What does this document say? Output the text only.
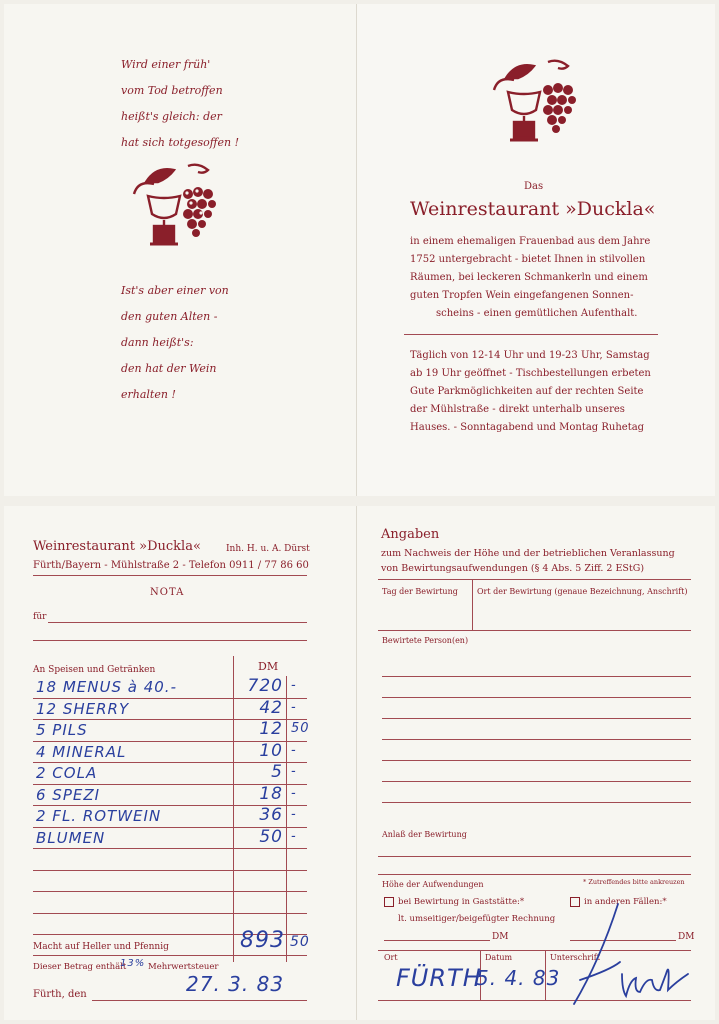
Wird einer früh'
vom Tod betroffen
heißt's gleich: der
hat sich totgesoffen !
Ist's aber einer von
den guten Alten -
dann heißt's:
den hat der Wein
erhalten !
Das
Weinrestaurant »Duckla«
in einem ehemaligen Frauenbad aus dem Jahre
1752 untergebracht - bietet Ihnen in stilvollen
Räumen, bei leckeren Schmankerln und einem
guten Tropfen Wein eingefangenen Sonnen-
scheins - einen gemütlichen Aufenthalt.
Täglich von 12-14 Uhr und 19-23 Uhr, Samstag
ab 19 Uhr geöffnet - Tischbestellungen erbeten
Gute Parkmöglichkeiten auf der rechten Seite
der Mühlstraße - direkt unterhalb unseres
Hauses. - Sonntagabend und Montag Ruhetag
Weinrestaurant »Duckla«	Inh. H. u. A. Dürst
Fürth/Bayern - Mühlstraße 2 - Telefon 0911 / 77 86 60
NOTA
für
An Speisen und Getränken	DM
18 MENUS à 40.-	720 -
12 SHERRY	42 -
5 PILS	12 50
4 MINERAL	10 -
2 COLA	5 -
6 SPEZI	18 -
2 FL. ROTWEIN	36 -
BLUMEN	50 -
Macht auf Heller und Pfennig	893 50
Dieser Betrag enthält
13% Mehrwertsteuer
Fürth, den	27. 3. 83
Angaben
zum Nachweis der Höhe und der betrieblichen Veranlassung
von Bewirtungsaufwendungen (§ 4 Abs. 5 Ziff. 2 EStG)
Tag der Bewirtung Ort der Bewirtung (genaue Bezeichnung, Anschrift)
Bewirtete Person(en)
Anlaß der Bewirtung
Höhe der Aufwendungen	* Zutreffendes bitte ankreuzen
bei Bewirtung in Gaststätte:*	in anderen Fällen:*
lt. umseitiger/beigefügter Rechnung
DM	DM
Ort	Datum	Unterschrift
FÜRTH
5. 4. 83
